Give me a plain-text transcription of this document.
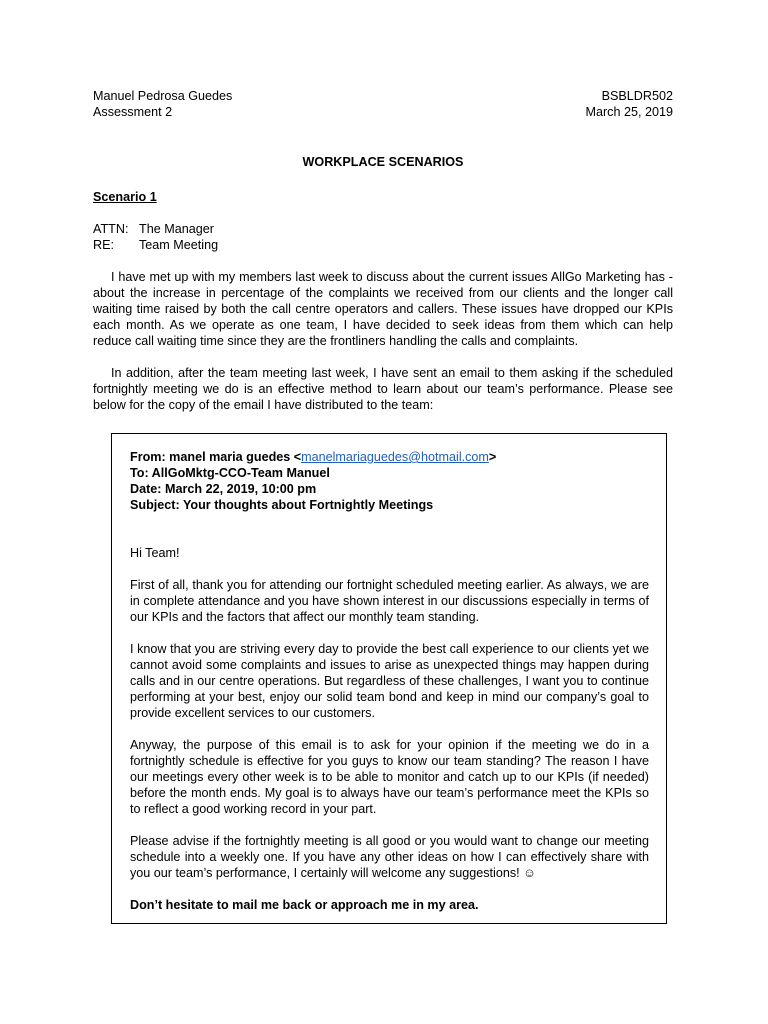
Manuel Pedrosa Guedes	BSBLDR502
Assessment 2	March 25, 2019
WORKPLACE SCENARIOS
Scenario 1
ATTN: The Manager
RE:	Team Meeting
I have met up with my members last week to discuss about the current issues AllGo Marketing has - about the increase in percentage of the complaints we received from our clients and the longer call waiting time raised by both the call centre operators and callers. These issues have dropped our KPIs each month. As we operate as one team, I have decided to seek ideas from them which can help reduce call waiting time since they are the frontliners handling the calls and complaints.
In addition, after the team meeting last week, I have sent an email to them asking if the scheduled fortnightly meeting we do is an effective method to learn about our team’s performance. Please see below for the copy of the email I have distributed to the team:
From: manel maria guedes <manelmariaguedes@hotmail.com>
To: AllGoMktg-CCO-Team Manuel
Date: March 22, 2019, 10:00 pm
Subject: Your thoughts about Fortnightly Meetings
Hi Team!

First of all, thank you for attending our fortnight scheduled meeting earlier. As always, we are in complete attendance and you have shown interest in our discussions especially in terms of our KPIs and the factors that affect our monthly team standing.

I know that you are striving every day to provide the best call experience to our clients yet we cannot avoid some complaints and issues to arise as unexpected things may happen during calls and in our centre operations. But regardless of these challenges, I want you to continue performing at your best, enjoy our solid team bond and keep in mind our company’s goal to provide excellent services to our customers.

Anyway, the purpose of this email is to ask for your opinion if the meeting we do in a fortnightly schedule is effective for you guys to know our team standing? The reason I have our meetings every other week is to be able to monitor and catch up to our KPIs (if needed) before the month ends. My goal is to always have our team’s performance meet the KPIs so to reflect a good working record in your part.

Please advise if the fortnightly meeting is all good or you would want to change our meeting schedule into a weekly one. If you have any other ideas on how I can effectively share with you our team’s performance, I certainly will welcome any suggestions! ☺

Don’t hesitate to mail me back or approach me in my area.
